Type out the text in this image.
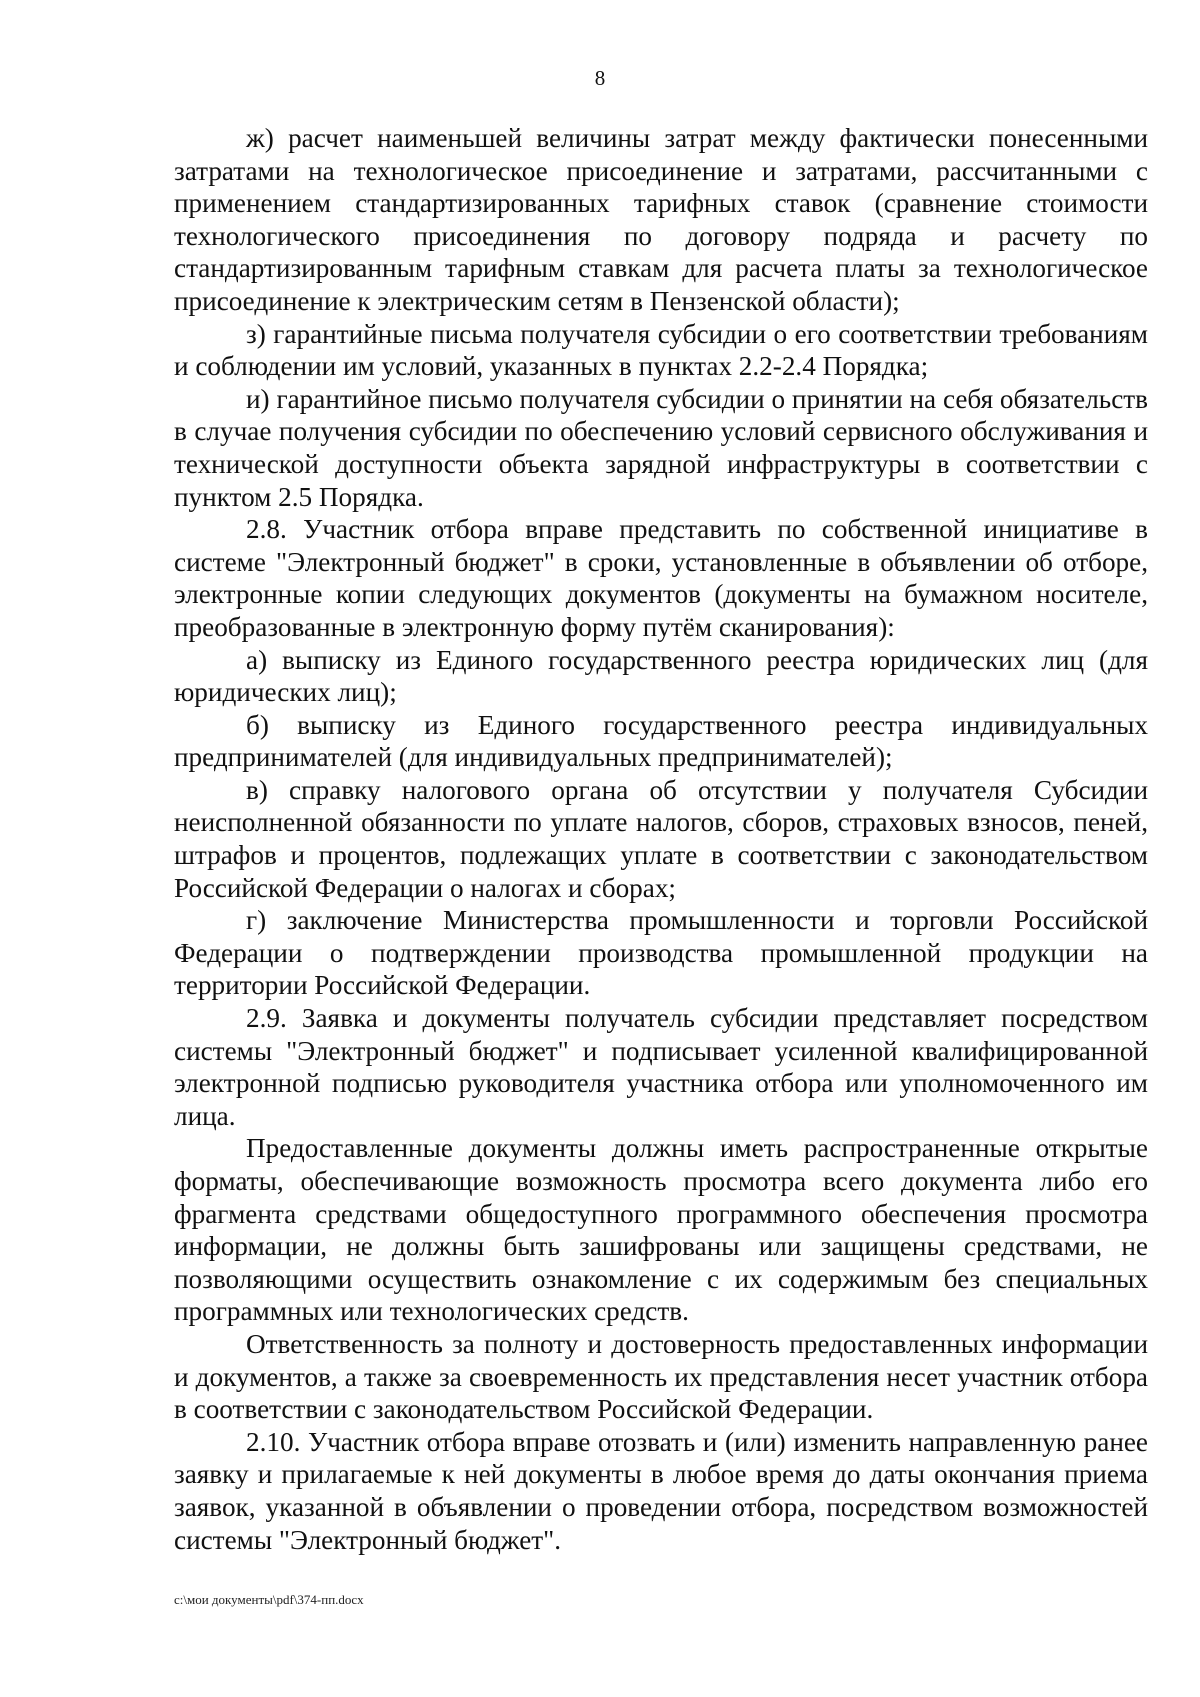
8

ж) расчет наименьшей величины затрат между фактически понесенными затратами на технологическое присоединение и затратами, рассчитанными с применением стандартизированных тарифных ставок (сравнение стоимости технологического присоединения по договору подряда и расчету по стандартизированным тарифным ставкам для расчета платы за технологическое присоединение к электрическим сетям в Пензенской области);

з) гарантийные письма получателя субсидии о его соответствии требованиям и соблюдении им условий, указанных в пунктах 2.2-2.4 Порядка;

и) гарантийное письмо получателя субсидии о принятии на себя обязательств в случае получения субсидии по обеспечению условий сервисного обслуживания и технической доступности объекта зарядной инфраструктуры в соответствии с пунктом 2.5 Порядка.

2.8. Участник отбора вправе представить по собственной инициативе в системе "Электронный бюджет" в сроки, установленные в объявлении об отборе, электронные копии следующих документов (документы на бумажном носителе, преобразованные в электронную форму путём сканирования):

а) выписку из Единого государственного реестра юридических лиц (для юридических лиц);

б) выписку из Единого государственного реестра индивидуальных предпринимателей (для индивидуальных предпринимателей);

в) справку налогового органа об отсутствии у получателя Субсидии неисполненной обязанности по уплате налогов, сборов, страховых взносов, пеней, штрафов и процентов, подлежащих уплате в соответствии с законодательством Российской Федерации о налогах и сборах;

г) заключение Министерства промышленности и торговли Российской Федерации о подтверждении производства промышленной продукции на территории Российской Федерации.

2.9. Заявка и документы получатель субсидии представляет посредством системы "Электронный бюджет" и подписывает усиленной квалифицированной электронной подписью руководителя участника отбора или уполномоченного им лица.

Предоставленные документы должны иметь распространенные открытые форматы, обеспечивающие возможность просмотра всего документа либо его фрагмента средствами общедоступного программного обеспечения просмотра информации, не должны быть зашифрованы или защищены средствами, не позволяющими осуществить ознакомление с их содержимым без специальных программных или технологических средств.

Ответственность за полноту и достоверность предоставленных информации и документов, а также за своевременность их представления несет участник отбора в соответствии с законодательством Российской Федерации.

2.10. Участник отбора вправе отозвать и (или) изменить направленную ранее заявку и прилагаемые к ней документы в любое время до даты окончания приема заявок, указанной в объявлении о проведении отбора, посредством возможностей системы "Электронный бюджет".

c:\мои документы\pdf\374-пп.docx
